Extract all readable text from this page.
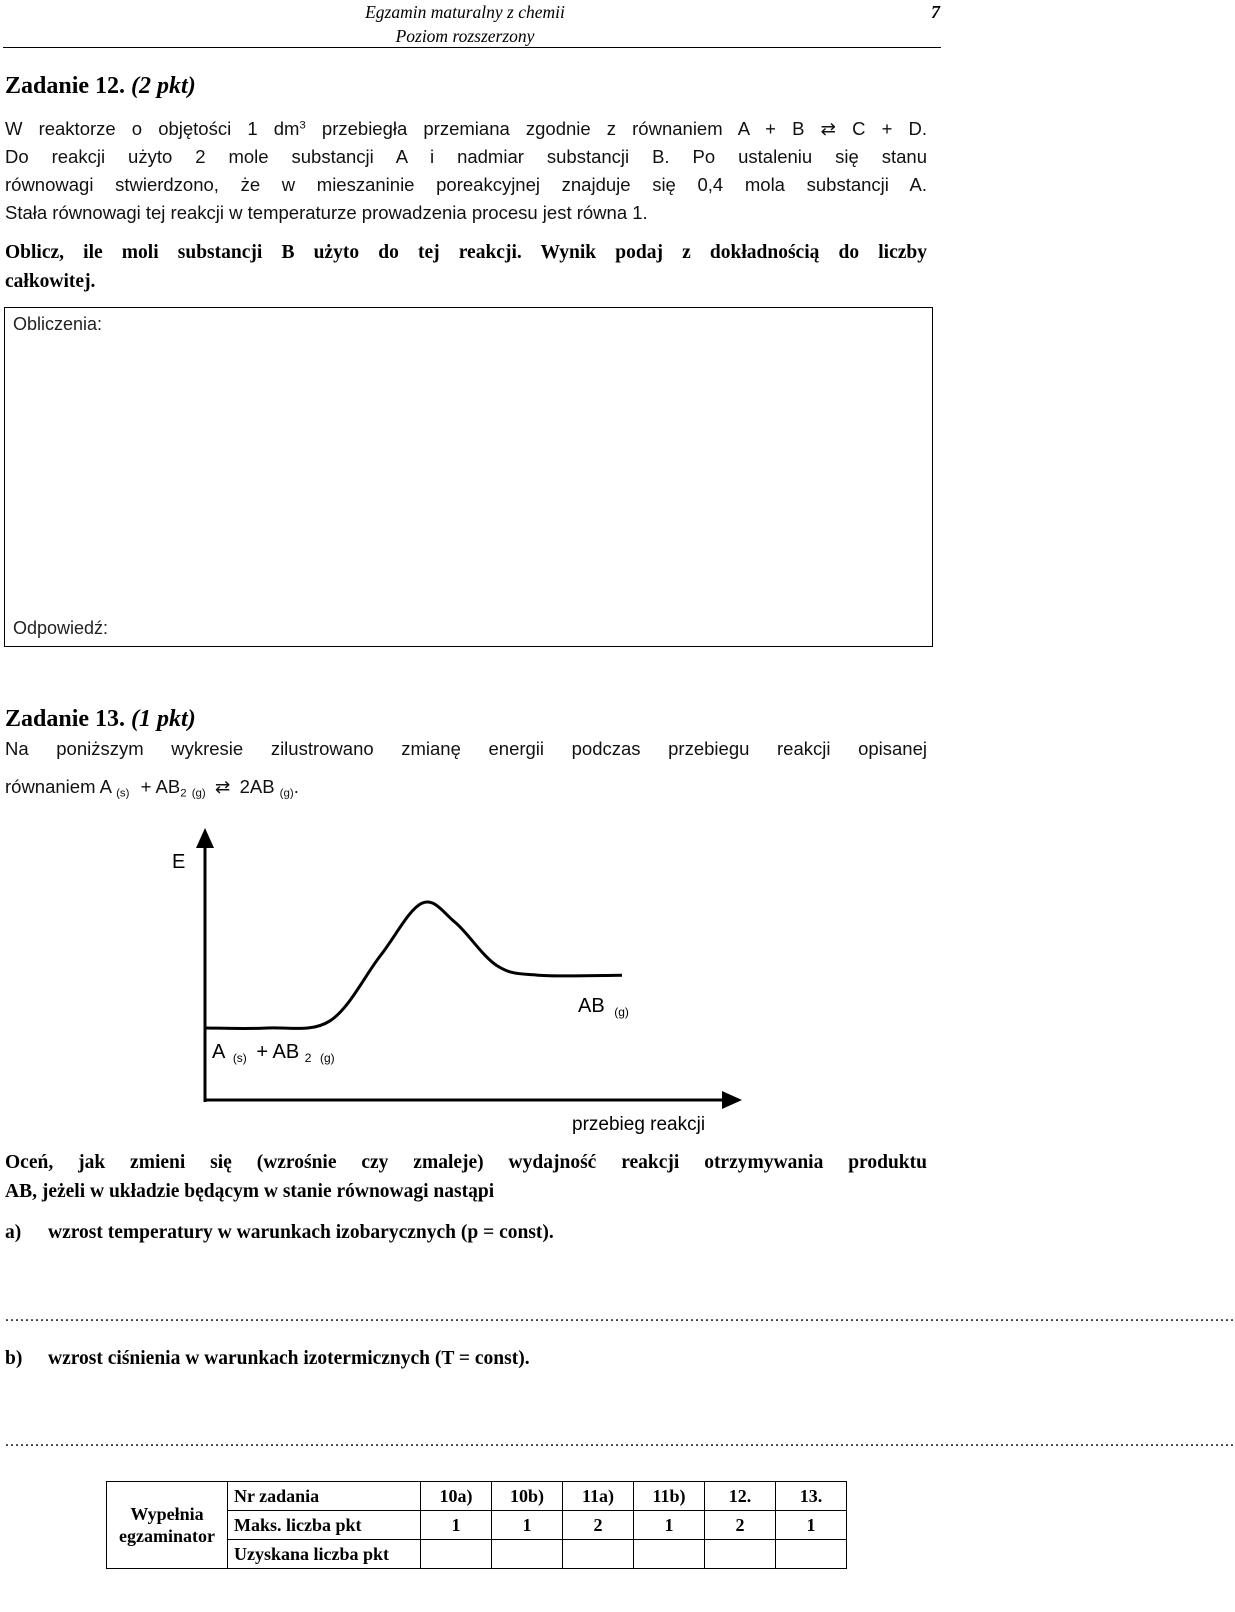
Egzamin maturalny z chemii
Poziom rozszerzony
7
Zadanie 12. (2 pkt)
W reaktorze o objętości 1 $dm^3$ przebiegła przemiana zgodnie z równaniem A + B ⇄ C + D.
Do reakcji użyto 2 mole substancji A i nadmiar substancji B. Po ustaleniu się stanu
równowagi stwierdzono, że w mieszaninie poreakcyjnej znajduje się 0,4 mola substancji A.
Stała równowagi tej reakcji w temperaturze prowadzenia procesu jest równa 1.
Oblicz, ile moli substancji B użyto do tej reakcji. Wynik podaj z dokładnością do liczby
całkowitej.
Obliczenia:
Odpowiedź:
Zadanie 13. (1 pkt)
Na poniższym wykresie zilustrowano zmianę energii podczas przebiegu reakcji opisanej
równaniem A $_{(s)} + AB_2$ $_{(g)}$ ⇄ 2AB $_{(g)}$.
E
przebieg reakcji
A $_{(s)}$ + AB $_2$ (g)
AB $_{(g)}$
Oceń, jak zmieni się (wzrośnie czy zmaleje) wydajność reakcji otrzymywania produktu
AB, jeżeli w układzie będącym w stanie równowagi nastąpi
a) wzrost temperatury w warunkach izobarycznych (p = const).
......................................................................................................................................................................................................................................................
b) wzrost ciśnienia w warunkach izotermicznych (T = const).
......................................................................................................................................................................................................................................................
Wypełnia
egzaminator	Nr zadania	10a)	10b)	11a)	11b)	12.	13.
	Maks. liczba pkt	1	1	2	1	2	1
	Uzyskana liczba pkt						
